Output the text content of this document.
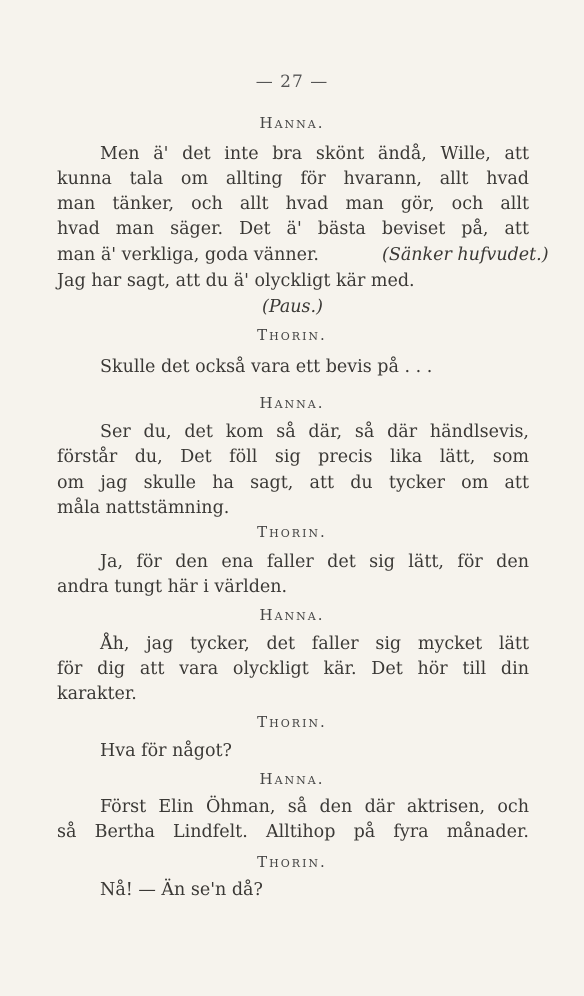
— 27 —
Hanna.
Men ä' det inte bra skönt ändå, Wille, att
kunna tala om allting för hvarann, allt hvad
man tänker, och allt hvad man gör, och allt
hvad man säger. Det ä' bästa beviset på, att
man ä' verkliga, goda vänner.	(Sänker hufvudet.)
Jag har sagt, att du ä' olyckligt kär med.
(Paus.)
Thorin.
Skulle det också vara ett bevis på . . .
Hanna.
Ser du, det kom så där, så där händlsevis,
förstår du, Det föll sig precis lika lätt, som
om jag skulle ha sagt, att du tycker om att
måla nattstämning.
Thorin.
Ja, för den ena faller det sig lätt, för den
andra tungt här i världen.
Hanna.
Åh, jag tycker, det faller sig mycket lätt
för dig att vara olyckligt kär. Det hör till din
karakter.
Thorin.
Hva för något?
Hanna.
Först Elin Öhman, så den där aktrisen, och
så Bertha Lindfelt. Alltihop på fyra månader.
Thorin.
Nå! — Än se'n då?
